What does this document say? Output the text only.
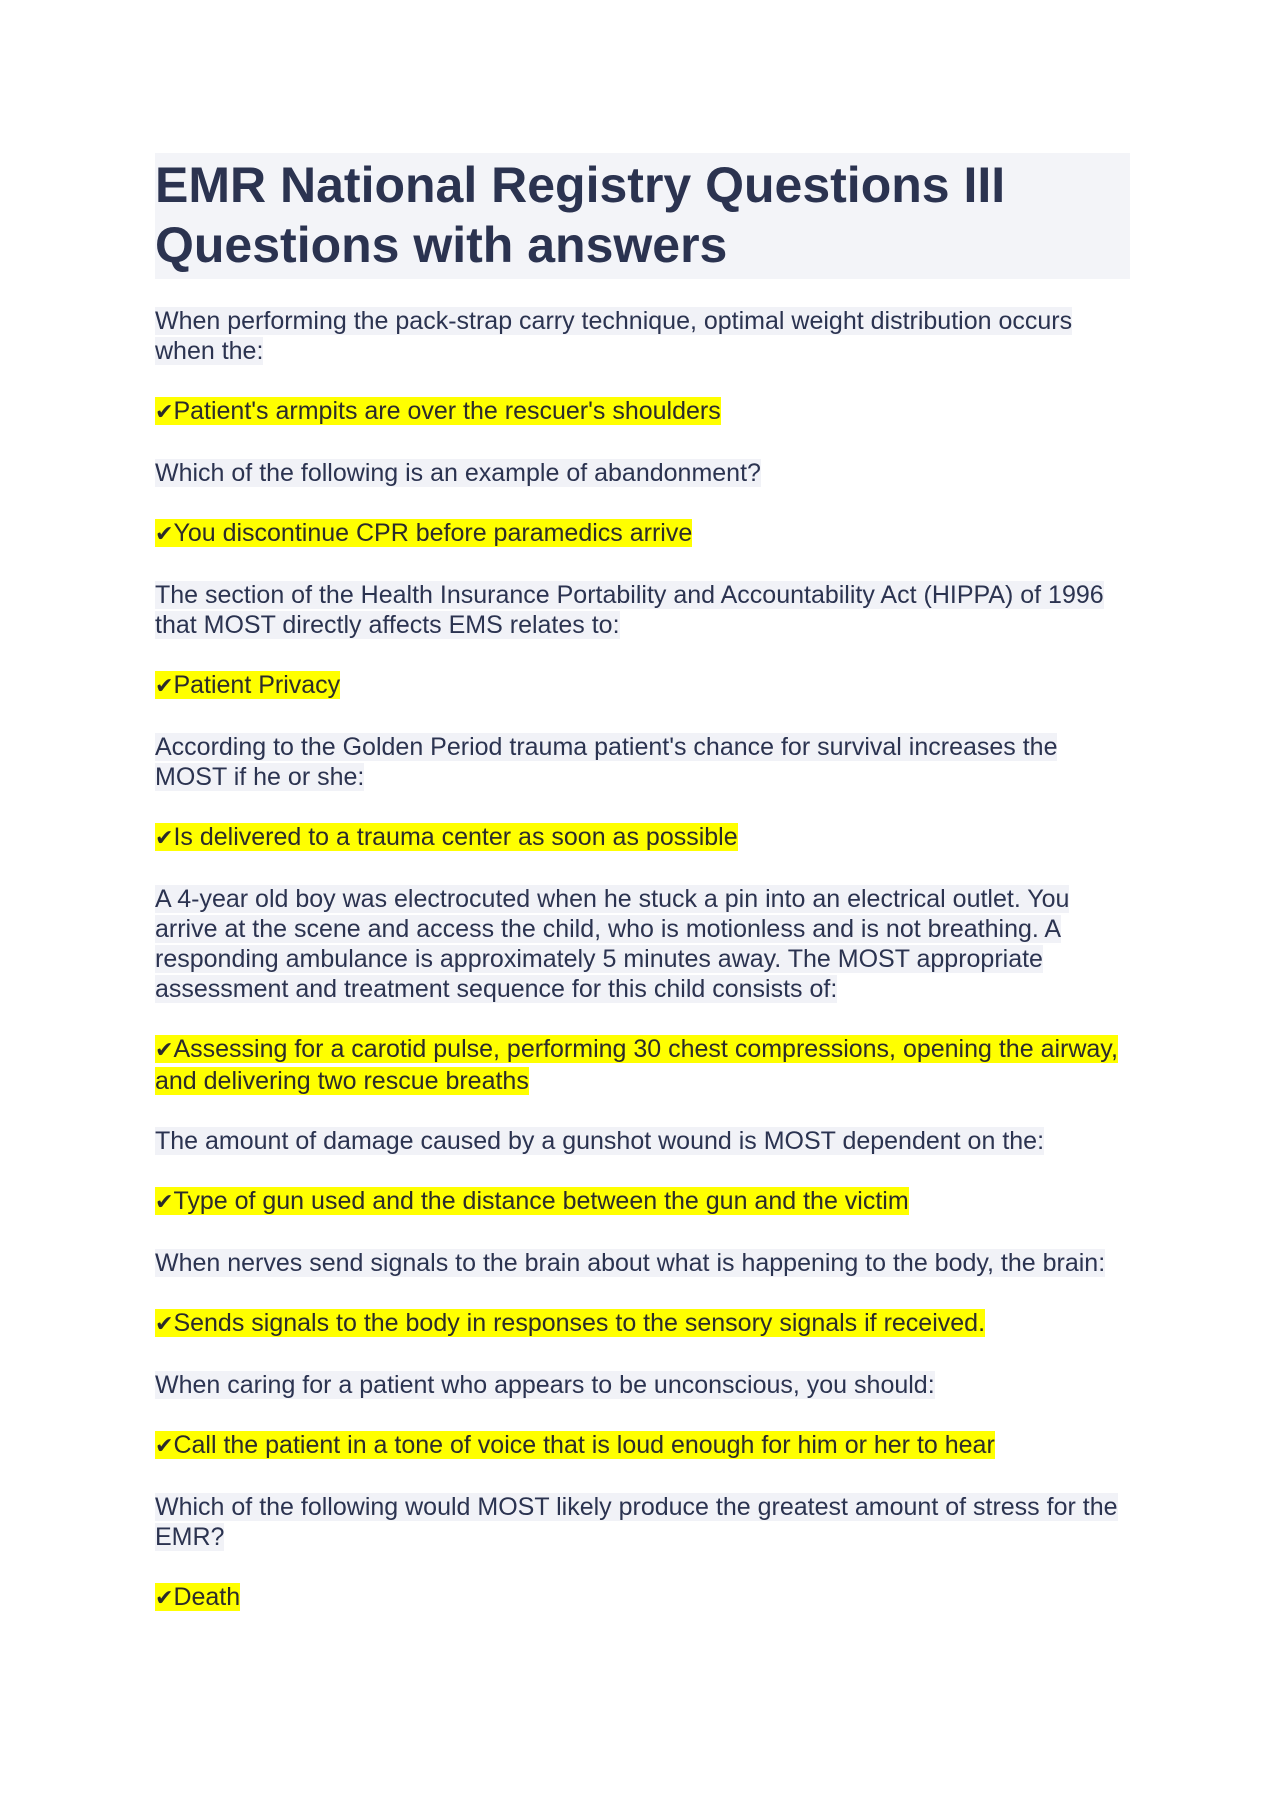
EMR National Registry Questions III Questions with answers

When performing the pack-strap carry technique, optimal weight distribution occurs when the:

✔Patient's armpits are over the rescuer's shoulders

Which of the following is an example of abandonment?

✔You discontinue CPR before paramedics arrive

The section of the Health Insurance Portability and Accountability Act (HIPPA) of 1996 that MOST directly affects EMS relates to:

✔Patient Privacy

According to the Golden Period trauma patient's chance for survival increases the MOST if he or she:

✔Is delivered to a trauma center as soon as possible

A 4-year old boy was electrocuted when he stuck a pin into an electrical outlet. You arrive at the scene and access the child, who is motionless and is not breathing. A responding ambulance is approximately 5 minutes away. The MOST appropriate assessment and treatment sequence for this child consists of:

✔Assessing for a carotid pulse, performing 30 chest compressions, opening the airway, and delivering two rescue breaths

The amount of damage caused by a gunshot wound is MOST dependent on the:

✔Type of gun used and the distance between the gun and the victim

When nerves send signals to the brain about what is happening to the body, the brain:

✔Sends signals to the body in responses to the sensory signals if received.

When caring for a patient who appears to be unconscious, you should:

✔Call the patient in a tone of voice that is loud enough for him or her to hear

Which of the following would MOST likely produce the greatest amount of stress for the EMR?

✔Death
